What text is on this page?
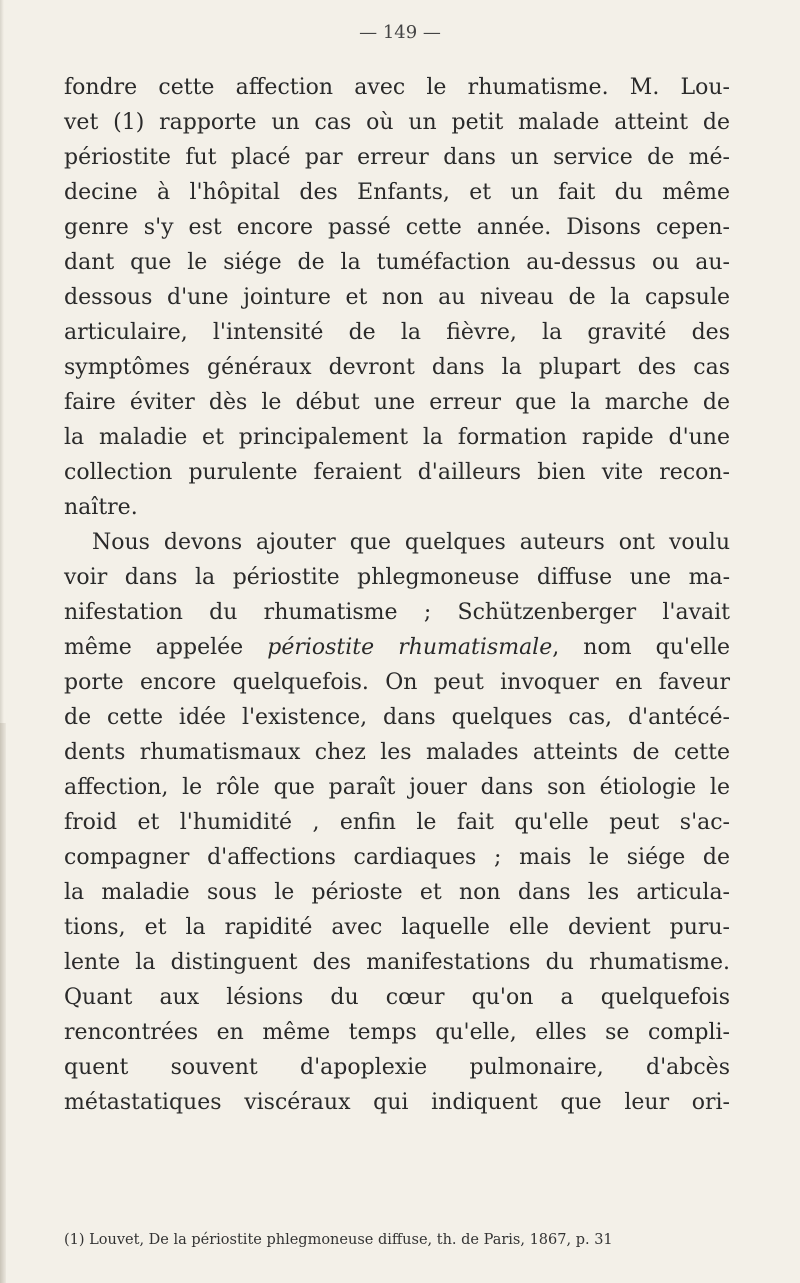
— 149 —
fondre cette affection avec le rhumatisme. M. Lou-
vet (1) rapporte un cas où un petit malade atteint de
périostite fut placé par erreur dans un service de mé-
decine à l'hôpital des Enfants, et un fait du même
genre s'y est encore passé cette année. Disons cepen-
dant que le siége de la tuméfaction au-dessus ou au-
dessous d'une jointure et non au niveau de la capsule
articulaire, l'intensité de la fièvre, la gravité des
symptômes généraux devront dans la plupart des cas
faire éviter dès le début une erreur que la marche de
la maladie et principalement la formation rapide d'une
collection purulente feraient d'ailleurs bien vite recon-
naître.
Nous devons ajouter que quelques auteurs ont voulu
voir dans la périostite phlegmoneuse diffuse une ma-
nifestation du rhumatisme ; Schützenberger l'avait
même appelée périostite rhumatismale, nom qu'elle
porte encore quelquefois. On peut invoquer en faveur
de cette idée l'existence, dans quelques cas, d'antécé-
dents rhumatismaux chez les malades atteints de cette
affection, le rôle que paraît jouer dans son étiologie le
froid et l'humidité , enfin le fait qu'elle peut s'ac-
compagner d'affections cardiaques ; mais le siége de
la maladie sous le périoste et non dans les articula-
tions, et la rapidité avec laquelle elle devient puru-
lente la distinguent des manifestations du rhumatisme.
Quant aux lésions du cœur qu'on a quelquefois
rencontrées en même temps qu'elle, elles se compli-
quent souvent d'apoplexie pulmonaire, d'abcès
métastatiques viscéraux qui indiquent que leur ori-
(1) Louvet, De la périostite phlegmoneuse diffuse, th. de Paris, 1867, p. 31
